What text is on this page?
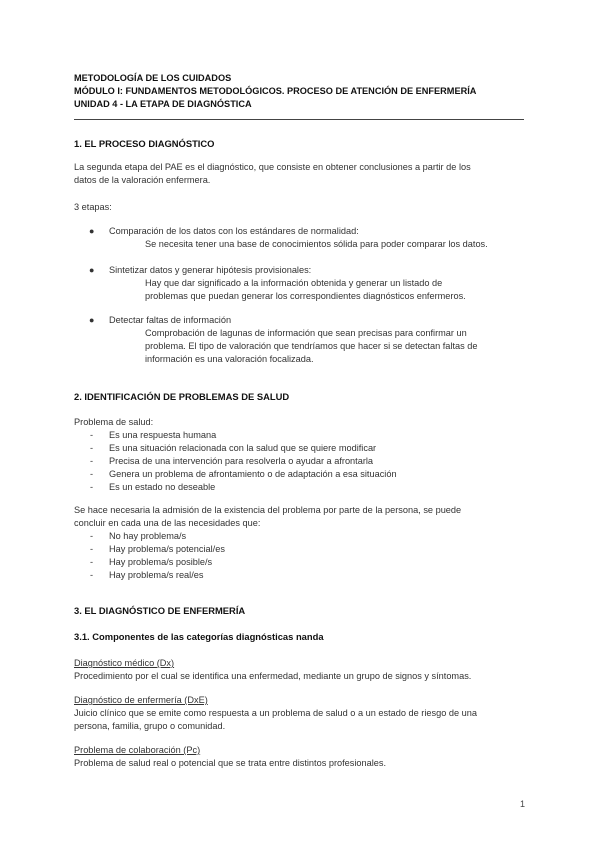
METODOLOGÍA DE LOS CUIDADOS
MÓDULO I: FUNDAMENTOS METODOLÓGICOS. PROCESO DE ATENCIÓN DE ENFERMERÍA
UNIDAD 4 - LA ETAPA DE DIAGNÓSTICA
1. EL PROCESO DIAGNÓSTICO
La segunda etapa del PAE es el diagnóstico, que consiste en obtener conclusiones a partir de los
datos de la valoración enfermera.
3 etapas:
● Comparación de los datos con los estándares de normalidad:
Se necesita tener una base de conocimientos sólida para poder comparar los datos.
● Sintetizar datos y generar hipótesis provisionales:
Hay que dar significado a la información obtenida y generar un listado de
problemas que puedan generar los correspondientes diagnósticos enfermeros.
● Detectar faltas de información
Comprobación de lagunas de información que sean precisas para confirmar un
problema. El tipo de valoración que tendríamos que hacer si se detectan faltas de
información es una valoración focalizada.
2. IDENTIFICACIÓN DE PROBLEMAS DE SALUD
Problema de salud:
-
-
-
-
-
Es una respuesta humana
Es una situación relacionada con la salud que se quiere modificar
Precisa de una intervención para resolverla o ayudar a afrontarla
Genera un problema de afrontamiento o de adaptación a esa situación
Es un estado no deseable
Se hace necesaria la admisión de la existencia del problema por parte de la persona, se puede
concluir en cada una de las necesidades que:
-
-
-
-
No hay problema/s
Hay problema/s potencial/es
Hay problema/s posible/s
Hay problema/s real/es
3. EL DIAGNÓSTICO DE ENFERMERÍA
3.1. Componentes de las categorías diagnósticas nanda
Diagnóstico médico (Dx)
Procedimiento por el cual se identifica una enfermedad, mediante un grupo de signos y síntomas.
Diagnóstico de enfermería (DxE)
Juicio clínico que se emite como respuesta a un problema de salud o a un estado de riesgo de una
persona, familia, grupo o comunidad.
Problema de colaboración (Pc)
Problema de salud real o potencial que se trata entre distintos profesionales.
1
